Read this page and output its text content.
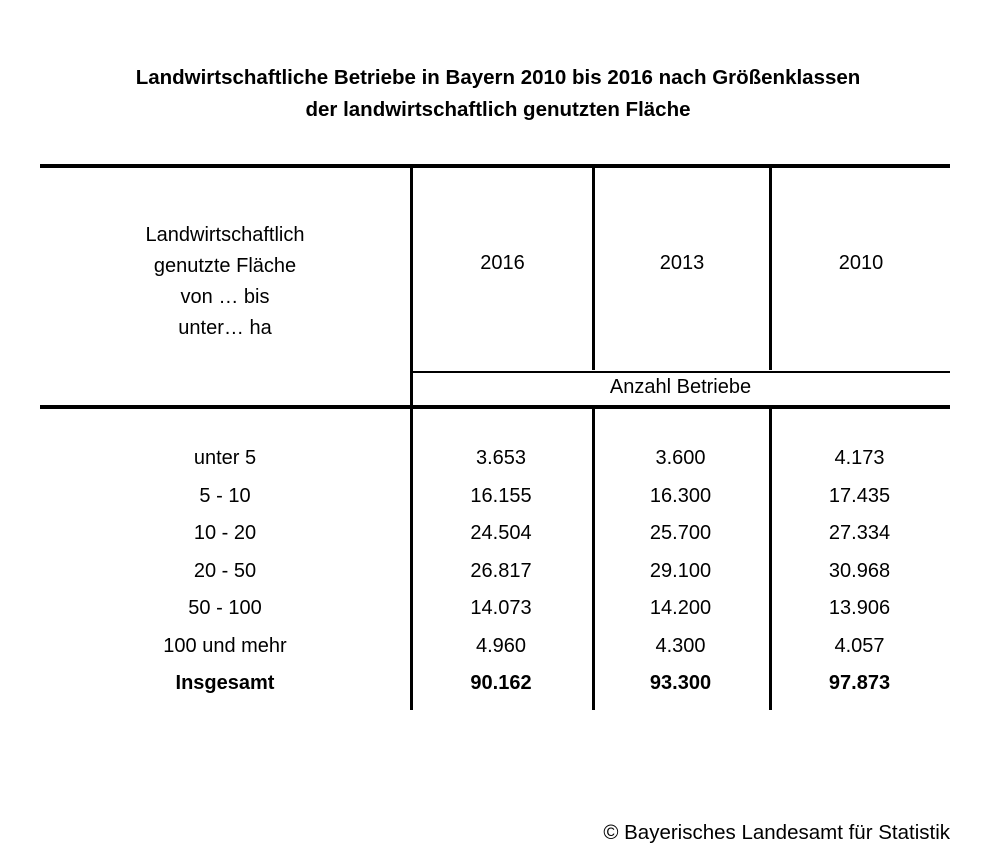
Landwirtschaftliche Betriebe in Bayern 2010 bis 2016 nach Größenklassen
der landwirtschaftlich genutzten Fläche
Landwirtschaftlich
genutzte Fläche
von … bis
unter… ha
2016	2013	2010
Anzahl Betriebe
unter 5	3.653	3.600	4.173
5 - 10	16.155	16.300	17.435
10 - 20	24.504	25.700	27.334
20 - 50	26.817	29.100	30.968
50 - 100	14.073	14.200	13.906
100 und mehr	4.960	4.300	4.057
Insgesamt	90.162	93.300	97.873
© Bayerisches Landesamt für Statistik
